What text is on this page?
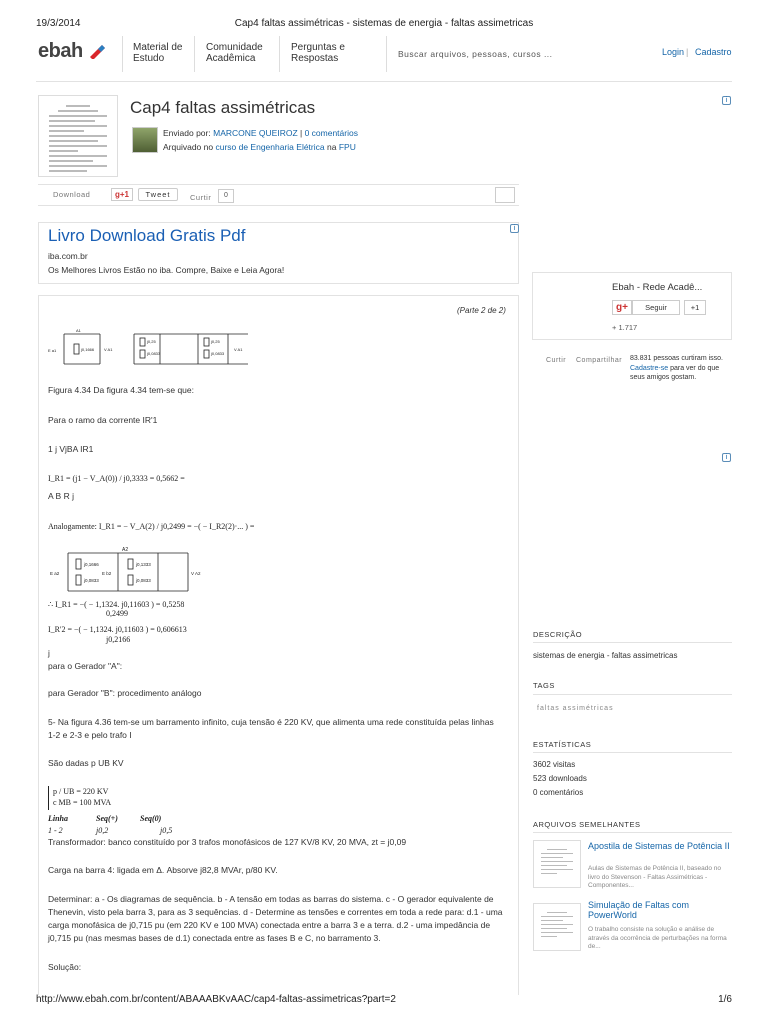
19/3/2014	Cap4 faltas assimétricas - sistemas de energia - faltas assimetricas
ebah	Material de
Estudo
Comunidade
Acadêmica
Perguntas e
Respostas	Buscar arquivos, pessoas, cursos ...	Login | Cadastro
Cap4 faltas assimétricas	i
Enviado por: MARCONE QUEIROZ | 0 comentários
Arquivado no curso de Engenharia Elétrica na FPU
Download	g+1	Tweet	Curtir	0
i
Livro Download Gratis Pdf
iba.com.br
Os Melhores Livros Estão no iba. Compre, Baixe e Leia Agora!
(Parte 2 de 2)
A1
E a1	j0,1666 V A1
j0,25
j0,0833
j0,25
j0,0833
V A1
Figura 4.34 Da figura 4.34 tem-se que:
Para o ramo da corrente IR'1
1 j VjBA IR1
I_R1 = (j1 − V_A(0)) / j0,3333 = 0,5662 =
A B R j
Analogamente: I_R1 = − V_A(2) / j0,2499 = −( − I_R2(2)·... ) =
A2
E a2
j0,1666
j0,0833
E b2
j0,1333
j0,0833
V A2
∴ I_R1 = −( − 1,1324. j0,11603 ) = 0,5258
0,2499
I_R'2 = −( − 1,1324. j0,11603 ) = 0,606613
j0,2166
j
para o Gerador "A":
para Gerador "B": procedimento análogo
5- Na figura 4.36 tem-se um barramento infinito, cuja tensão é 220 KV, que alimenta uma rede constituída pelas linhas
1-2 e 2-3 e pelo trafo I
São dadas p UB KV
p / UB = 220 KV
c MB = 100 MVA
Linha	Seq(+)	Seq(0)
1 - 2	j0,2	j0,5
Transformador: banco constituído por 3 trafos monofásicos de 127 KV/8 KV, 20 MVA, zt = j0,09
Carga na barra 4: ligada em Δ. Absorve j82,8 MVAr, p/80 KV.
Determinar: a - Os diagramas de sequência. b - A tensão em todas as barras do sistema. c - O gerador equivalente de
Thenevin, visto pela barra 3, para as 3 sequências. d - Determine as tensões e correntes em toda a rede para: d.1 - uma
carga monofásica de j0,715 pu (em 220 KV e 100 MVA) conectada entre a barra 3 e a terra. d.2 - uma impedância de
j0,715 pu (nas mesmas bases de d.1) conectada entre as fases B e C, no barramento 3.
Solução:
Ebah - Rede Acadê...
g+	Seguir	+1
+ 1.717
Curtir Compartilhar 83.831 pessoas curtiram isso. Cadastre-se para ver do que seus amigos gostam.
i
DESCRIÇÃO
sistemas de energia - faltas assimetricas
TAGS
faltas assimétricas
ESTATÍSTICAS
3602 visitas
523 downloads
0 comentários
ARQUIVOS SEMELHANTES
Apostila de Sistemas de Potência II
Aulas de Sistemas de Potência II, baseado no livro do Stevenson - Faltas Assimétricas - Componentes...
Simulação de Faltas com PowerWorld
O trabalho consiste na solução e análise de através da ocorrência de perturbações na forma de...
http://www.ebah.com.br/content/ABAAABKvAAC/cap4-faltas-assimetricas?part=2	1/6
